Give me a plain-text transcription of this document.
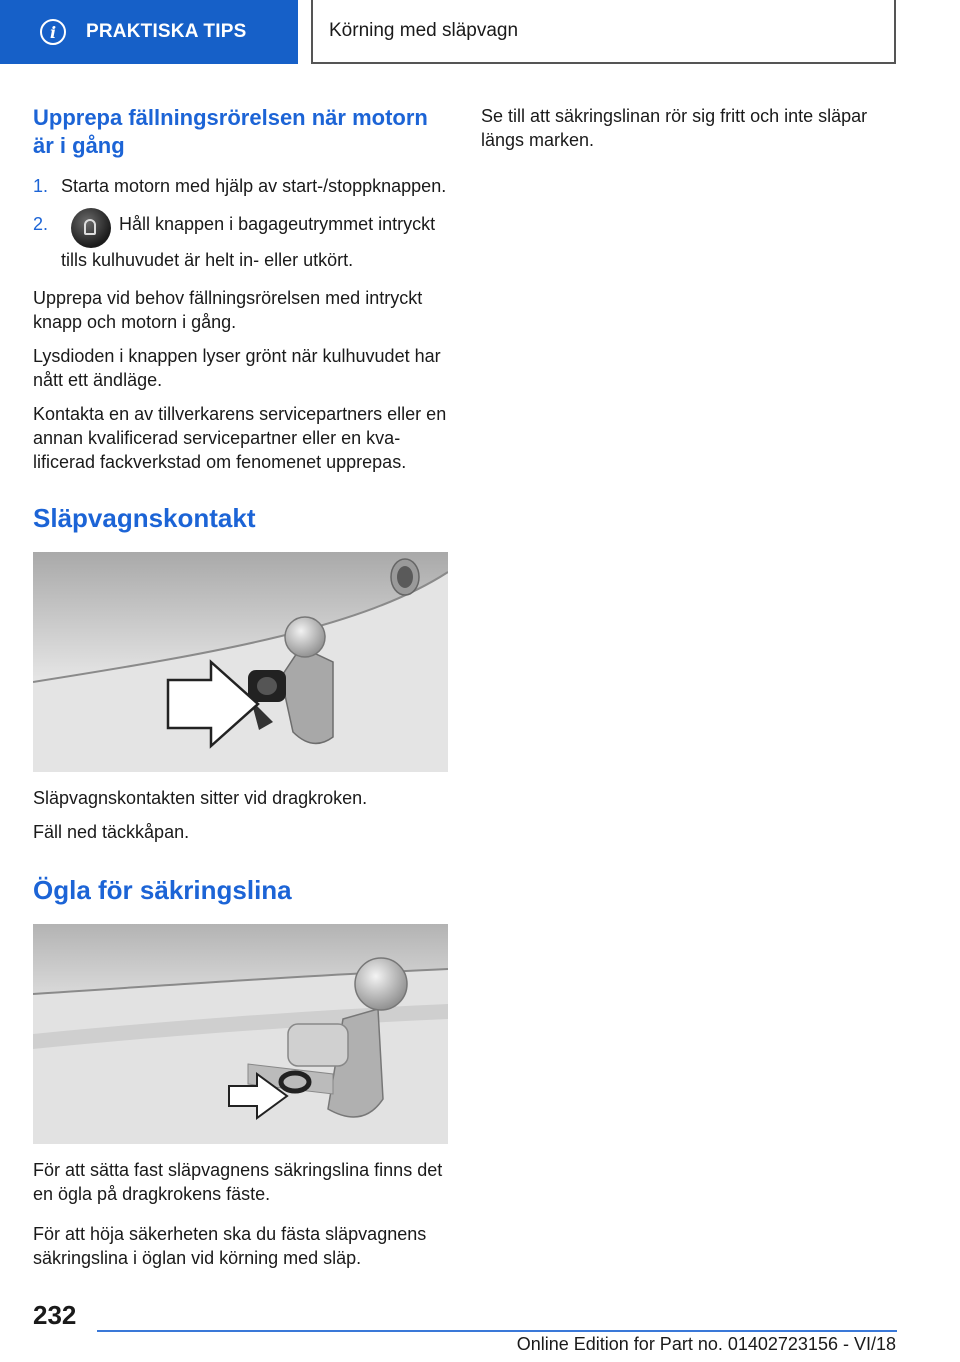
i	PRAKTISKA TIPS	Körning med släpvagn
Upprepa fällningsrörelsen när motorn är i gång
1. Starta motorn med hjälp av start-/stoppknappen.
2.	Håll knappen i bagageutrymmet intryckt tills kulhuvudet är helt in- eller utkört.

Upprepa vid behov fällningsrörelsen med intryckt knapp och motorn i gång.

Lysdioden i knappen lyser grönt när kulhuvudet har nått ett ändläge.

Kontakta en av tillverkarens servicepartners eller en annan kvalificerad servicepartner eller en kvalificerad fackverkstad om fenomenet upprepas.

Släpvagnskontakt

Släpvagnskontakten sitter vid dragkroken.

Fäll ned täckkåpan.

Ögla för säkringslina

För att sätta fast släpvagnens säkringslina finns det en ögla på dragkrokens fäste.

För att höja säkerheten ska du fästa släpvagnens säkringslina i öglan vid körning med släp.

Se till att säkringslinan rör sig fritt och inte släpar längs marken.

232
Online Edition for Part no. 01402723156 - VI/18
